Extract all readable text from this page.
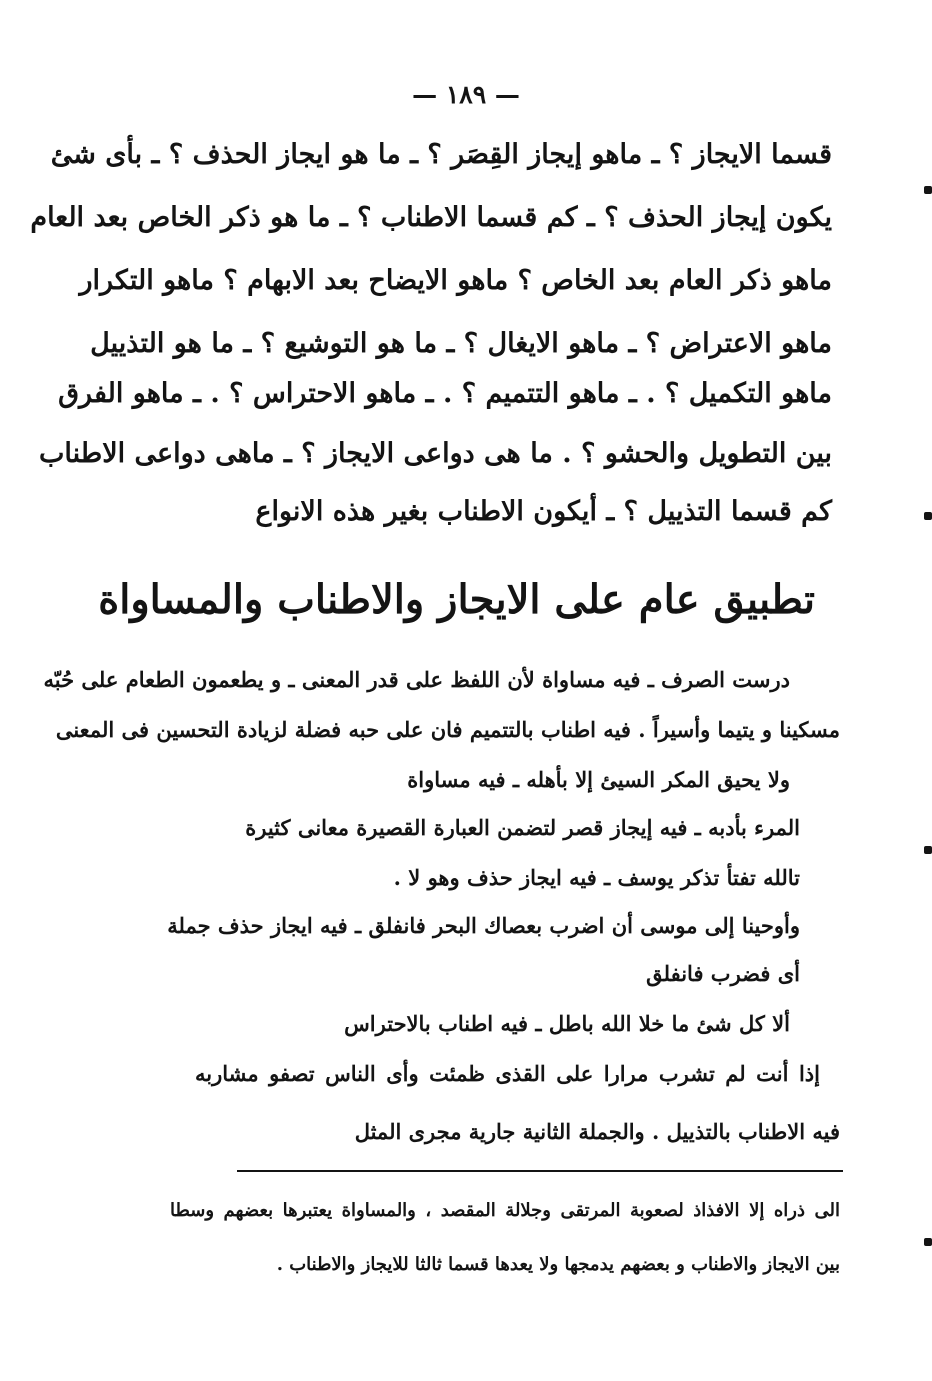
— ١٨٩ —
قسما الايجاز ؟ ـ ماهو إيجاز القِصَر ؟ ـ ما هو ايجاز الحذف ؟ ـ بأى شئ
يكون إيجاز الحذف ؟ ـ كم قسما الاطناب ؟ ـ ما هو ذكر الخاص بعد العام
ماهو ذكر العام بعد الخاص ؟ ماهو الايضاح بعد الابهام ؟ ماهو التكرار
ماهو الاعتراض ؟ ـ ماهو الايغال ؟ ـ ما هو التوشيع ؟ ـ ما هو التذييل
ماهو التكميل ؟ . ـ ماهو التتميم ؟ . ـ ماهو الاحتراس ؟ . ـ ماهو الفرق
بين التطويل والحشو ؟ . ما هى دواعى الايجاز ؟ ـ ماهى دواعى الاطناب
كم قسما التذييل ؟ ـ أيكون الاطناب بغير هذه الانواع
تطبيق عام على الايجاز والاطناب والمساواة
درست الصرف ـ فيه مساواة لأن اللفظ على قدر المعنى ـ و يطعمون الطعام على حُبّه
مسكينا و يتيما وأسيراً . فيه اطناب بالتتميم فان على حبه فضلة لزيادة التحسين فى المعنى
ولا يحيق المكر السيئ إلا بأهله ـ فيه مساواة
المرء بأدبه ـ فيه إيجاز قصر لتضمن العبارة القصيرة معانى كثيرة
تالله تفتأ تذكر يوسف ـ فيه ايجاز حذف وهو لا .
وأوحينا إلى موسى أن اضرب بعصاك البحر فانفلق ـ فيه ايجاز حذف جملة
أى فضرب فانفلق
ألا كل شئ ما خلا الله باطل ـ فيه اطناب بالاحتراس
إذا أنت لم تشرب مرارا على القذى ظمئت وأى الناس تصفو مشاربه
فيه الاطناب بالتذييل . والجملة الثانية جارية مجرى المثل
الى ذراه إلا الافذاذ لصعوبة المرتقى وجلالة المقصد ، والمساواة يعتبرها بعضهم وسطا
بين الايجاز والاطناب و بعضهم يدمجها ولا يعدها قسما ثالثا للايجاز والاطناب .
